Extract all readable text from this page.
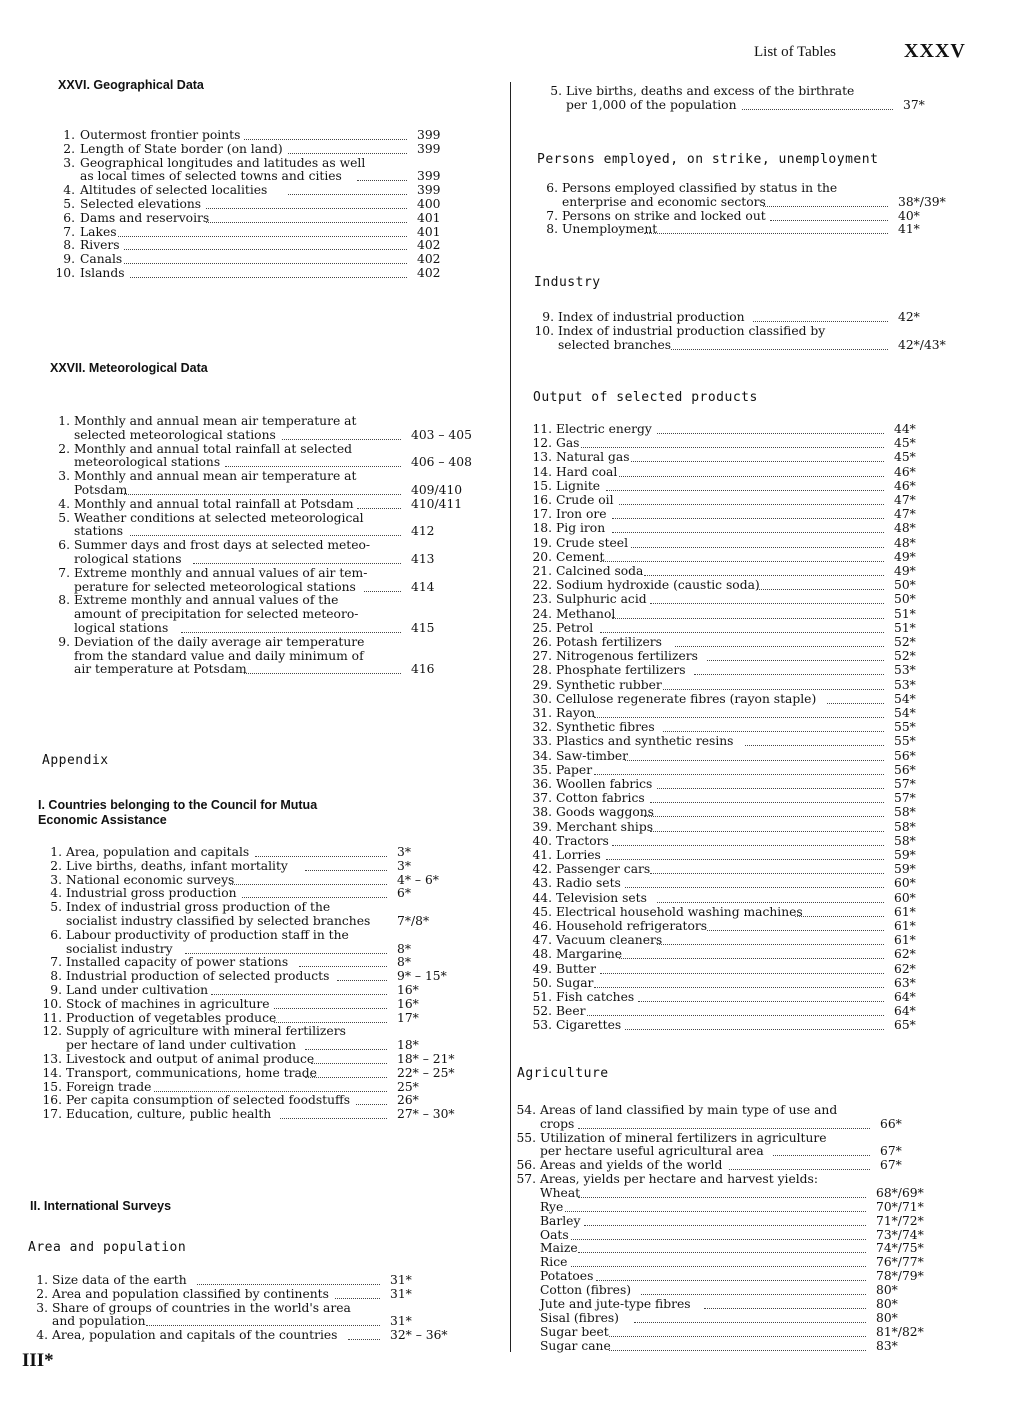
List of Tables	XXXV
III*
XXVI. Geographical Data
1. Outermost frontier points	399
2. Length of State border (on land)	399
3. Geographical longitudes and latitudes as well
as local times of selected towns and cities	399
4. Altitudes of selected localities	399
5. Selected elevations	400
6. Dams and reservoirs	401
7. Lakes	401
8. Rivers	402
9. Canals	402
10. Islands	402
XXVII. Meteorological Data
1. Monthly and annual mean air temperature at
selected meteorological stations	403 – 405
2. Monthly and annual total rainfall at selected
meteorological stations	406 – 408
3. Monthly and annual mean air temperature at
Potsdam	409/410
4. Monthly and annual total rainfall at Potsdam	410/411
5. Weather conditions at selected meteorological
stations	412
6. Summer days and frost days at selected meteo-
rological stations	413
7. Extreme monthly and annual values of air tem-
perature for selected meteorological stations	414
8. Extreme monthly and annual values of the
amount of precipitation for selected meteoro-
logical stations	415
9. Deviation of the daily average air temperature
from the standard value and daily minimum of
air temperature at Potsdam	416
Appendix
I. Countries belonging to the Council for Mutua
Economic Assistance
1. Area, population and capitals	3*
2. Live births, deaths, infant mortality	3*
3. National economic surveys	4* – 6*
4. Industrial gross production	6*
5. Index of industrial gross production of the
socialist industry classified by selected branches 7*/8*
6. Labour productivity of production staff in the
socialist industry	8*
7. Installed capacity of power stations	8*
8. Industrial production of selected products	9* – 15*
9. Land under cultivation	16*
10. Stock of machines in agriculture	16*
11. Production of vegetables produce	17*
12. Supply of agriculture with mineral fertilizers
per hectare of land under cultivation	18*
13. Livestock and output of animal produce	18* – 21*
14. Transport, communications, home trade	22* – 25*
15. Foreign trade	25*
16. Per capita consumption of selected foodstuffs	26*
17. Education, culture, public health	27* – 30*
II. International Surveys
Area and population
1. Size data of the earth	31*
2. Area and population classified by continents	31*
3. Share of groups of countries in the world's area
and population	31*
4. Area, population and capitals of the countries	32* – 36*
5. Live births, deaths and excess of the birthrate
per 1,000 of the population	37*
Persons employed, on strike, unemployment
6. Persons employed classified by status in the
enterprise and economic sectors	38*/39*
7. Persons on strike and locked out	40*
8. Unemployment	41*
Industry
9. Index of industrial production	42*
10. Index of industrial production classified by
selected branches	42*/43*
Output of selected products
11. Electric energy	44*
12. Gas	45*
13. Natural gas	45*
14. Hard coal	46*
15. Lignite	46*
16. Crude oil	47*
17. Iron ore	47*
18. Pig iron	48*
19. Crude steel	48*
20. Cement	49*
21. Calcined soda	49*
22. Sodium hydroxide (caustic soda)	50*
23. Sulphuric acid	50*
24. Methanol	51*
25. Petrol	51*
26. Potash fertilizers	52*
27. Nitrogenous fertilizers	52*
28. Phosphate fertilizers	53*
29. Synthetic rubber	53*
30. Cellulose regenerate fibres (rayon staple)	54*
31. Rayon	54*
32. Synthetic fibres	55*
33. Plastics and synthetic resins	55*
34. Saw-timber	56*
35. Paper	56*
36. Woollen fabrics	57*
37. Cotton fabrics	57*
38. Goods waggons	58*
39. Merchant ships	58*
40. Tractors	58*
41. Lorries	59*
42. Passenger cars	59*
43. Radio sets	60*
44. Television sets	60*
45. Electrical household washing machines	61*
46. Household refrigerators	61*
47. Vacuum cleaners	61*
48. Margarine	62*
49. Butter	62*
50. Sugar	63*
51. Fish catches	64*
52. Beer	64*
53. Cigarettes	65*
Agriculture
54. Areas of land classified by main type of use and
crops	66*
55. Utilization of mineral fertilizers in agriculture
per hectare useful agricultural area	67*
56. Areas and yields of the world	67*
57. Areas, yields per hectare and harvest yields:
Wheat	68*/69*
Rye	70*/71*
Barley	71*/72*
Oats	73*/74*
Maize	74*/75*
Rice	76*/77*
Potatoes	78*/79*
Cotton (fibres)	80*
Jute and jute-type fibres	80*
Sisal (fibres)	80*
Sugar beet	81*/82*
Sugar cane	83*
